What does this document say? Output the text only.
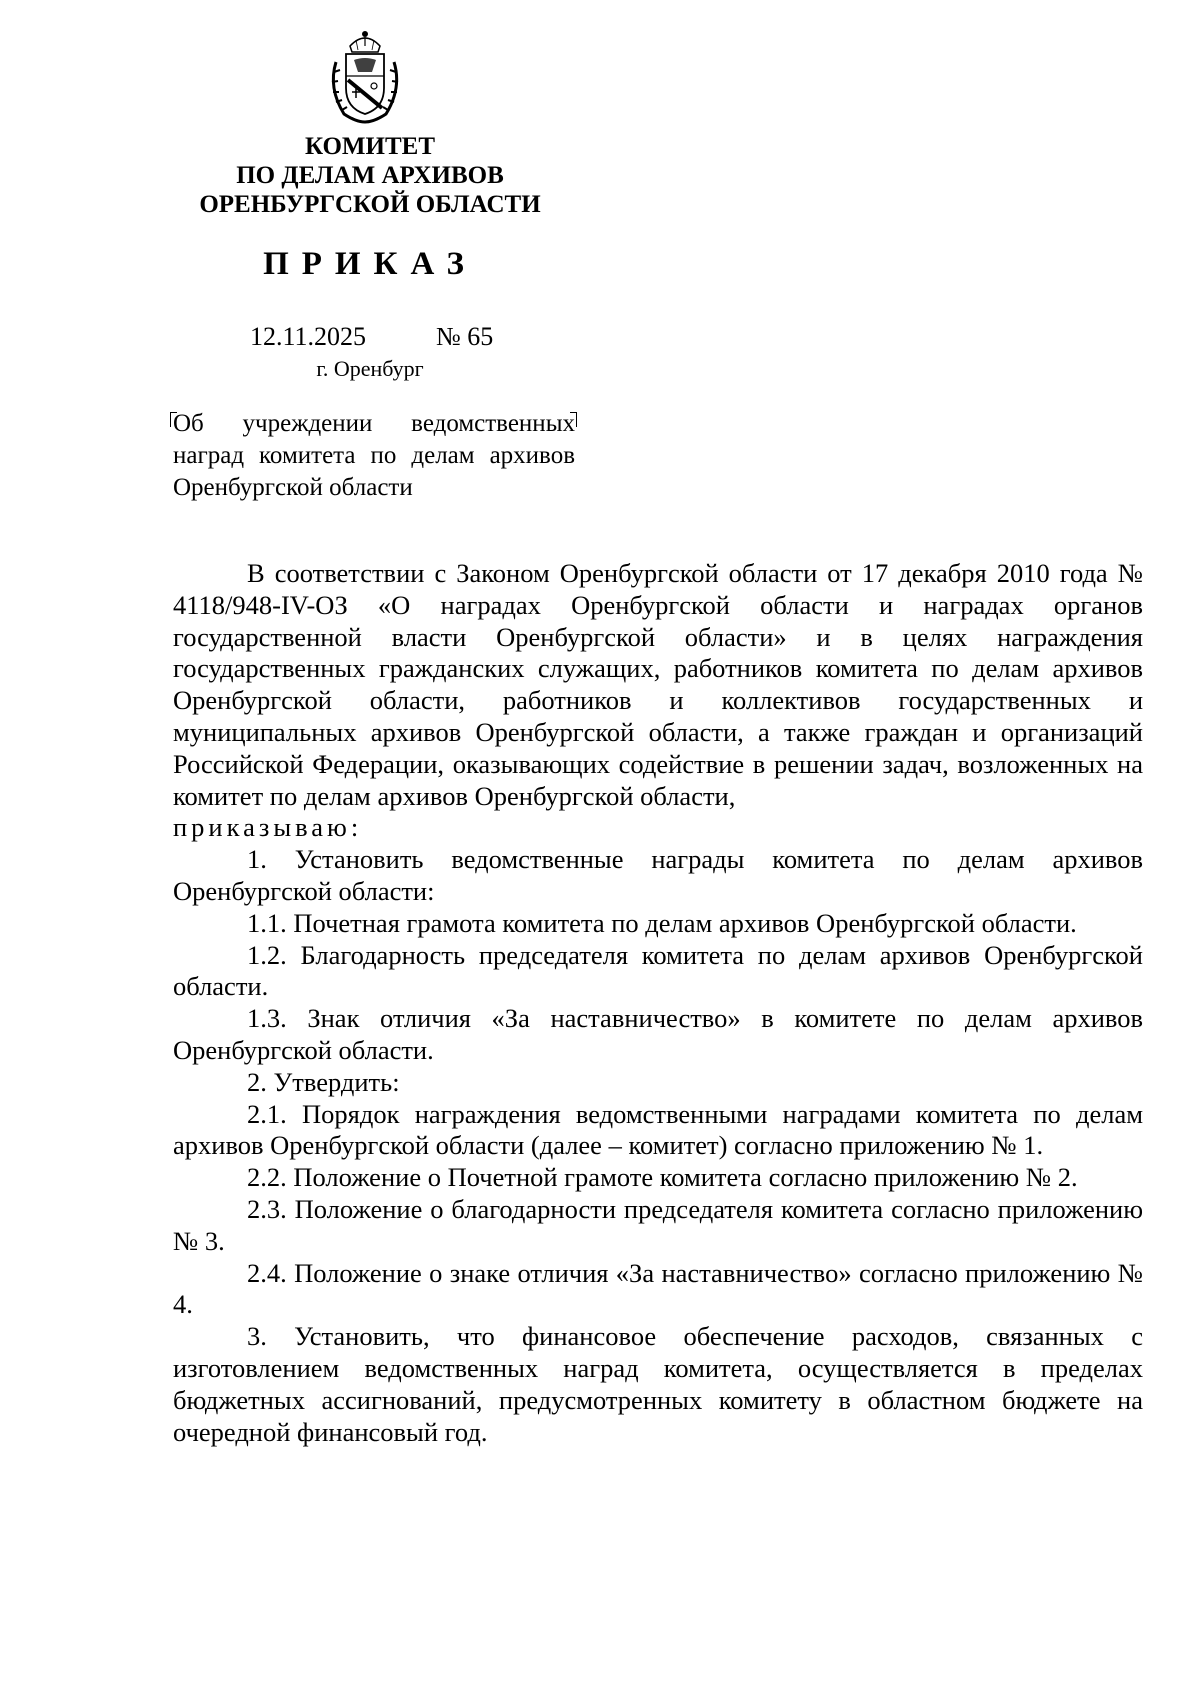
КОМИТЕТ
ПО ДЕЛАМ АРХИВОВ
ОРЕНБУРГСКОЙ ОБЛАСТИ
ПРИКАЗ
12.11.2025	№ 65
г. Оренбург
Об учреждении ведомственных наград комитета по делам архивов Оренбургской области

В соответствии с Законом Оренбургской области от 17 декабря 2010 года № 4118/948-IV-ОЗ «О наградах Оренбургской области и наградах органов государственной власти Оренбургской области» и в целях награждения государственных гражданских служащих, работников комитета по делам архивов Оренбургской области, работников и коллективов государственных и муниципальных архивов Оренбургской области, а также граждан и организаций Российской Федерации, оказывающих содействие в решении задач, возложенных на комитет по делам архивов Оренбургской области,

приказываю:

1. Установить ведомственные награды комитета по делам архивов Оренбургской области:

1.1. Почетная грамота комитета по делам архивов Оренбургской области.

1.2. Благодарность председателя комитета по делам архивов Оренбургской области.

1.3. Знак отличия «За наставничество» в комитете по делам архивов Оренбургской области.

2. Утвердить:

2.1. Порядок награждения ведомственными наградами комитета по делам архивов Оренбургской области (далее – комитет) согласно приложению № 1.

2.2. Положение о Почетной грамоте комитета согласно приложению № 2.

2.3. Положение о благодарности председателя комитета согласно приложению № 3.

2.4. Положение о знаке отличия «За наставничество» согласно приложению № 4.

3. Установить, что финансовое обеспечение расходов, связанных с изготовлением ведомственных наград комитета, осуществляется в пределах бюджетных ассигнований, предусмотренных комитету в областном бюджете на очередной финансовый год.
